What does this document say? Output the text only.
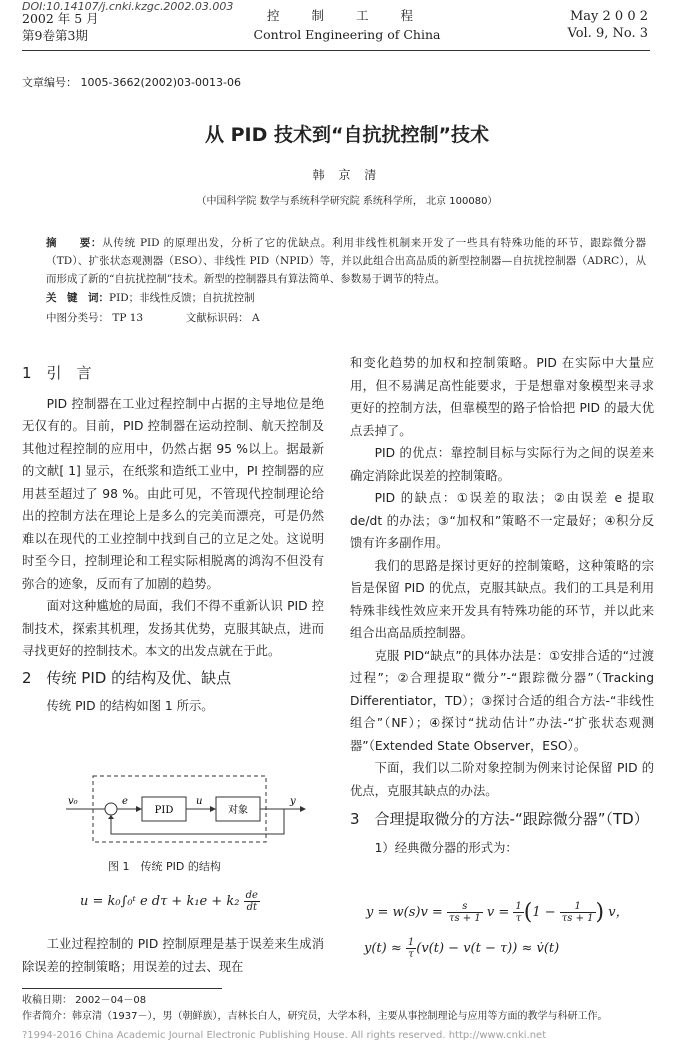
DOI:10.14107/j.cnki.kzgc.2002.03.003
2002 年 5 月
第9卷第3期
控 制 工 程
Control Engineering of China
May 2 0 0 2
Vol. 9, No. 3
文章编号： 1005-3662(2002)03-0013-06
从 PID 技术到“自抗扰控制”技术
韩 京 清
（中国科学院 数学与系统科学研究院 系统科学所， 北京 100080）
摘　　要：从传统 PID 的原理出发，分析了它的优缺点。利用非线性机制来开发了一些具有特殊功能的环节，跟踪微分器（TD）、扩张状态观测器（ESO）、非线性 PID（NPID）等，并以此组合出高品质的新型控制器—自抗扰控制器（ADRC），从而形成了新的“自抗扰控制”技术。新型的控制器具有算法简单、参数易于调节的特点。
关　键　词：PID；非线性反馈；自抗扰控制
中图分类号： TP 13	文献标识码： A
1　引　言

PID 控制器在工业过程控制中占据的主导地位是绝无仅有的。目前，PID 控制器在运动控制、航天控制及其他过程控制的应用中，仍然占据 95 %以上。据最新的文献[ 1] 显示，在纸浆和造纸工业中，PI 控制器的应用甚至超过了 98 %。由此可见，不管现代控制理论给出的控制方法在理论上是多么的完美而漂亮，可是仍然难以在现代的工业控制中找到自己的立足之处。这说明时至今日，控制理论和工程实际相脱离的鸿沟不但没有弥合的迹象，反而有了加剧的趋势。

面对这种尴尬的局面，我们不得不重新认识 PID 控制技术，探索其机理，发扬其优势，克服其缺点，进而寻找更好的控制技术。本文的出发点就在于此。

2　传统 PID 的结构及优、缺点

传统 PID 的结构如图 1 所示。

v₀	e
PID
u
对象
y
图 1　传统 PID 的结构
u = k₀∫₀ᵗ e $d\tau + k_1e + k_2 \frac{de}{dt}$

工业过程控制的 PID 控制原理是基于误差来生成消除误差的控制策略；用误差的过去、现在

和变化趋势的加权和控制策略。PID 在实际中大量应用，但不易满足高性能要求，于是想靠对象模型来寻求更好的控制方法，但靠模型的路子恰恰把 PID 的最大优点丢掉了。

PID 的优点：靠控制目标与实际行为之间的误差来确定消除此误差的控制策略。

PID 的缺点：①误差的取法；②由误差 e 提取 de/dt 的办法；③“加权和”策略不一定最好；④积分反馈有许多副作用。

我们的思路是探讨更好的控制策略，这种策略的宗旨是保留 PID 的优点，克服其缺点。我们的工具是利用特殊非线性效应来开发具有特殊功能的环节，并以此来组合出高品质控制器。

克服 PID“缺点”的具体办法是：①安排合适的“过渡过程”；②合理提取“微分”-“跟踪微分器”（Tracking Differentiator，TD）；③探讨合适的组合方法-“非线性组合”（NF）；④探讨“扰动估计”办法-“扩张状态观测器”（Extended State Observer，ESO）。

下面，我们以二阶对象控制为例来讨论保留 PID 的优点，克服其缺点的办法。

3　合理提取微分的方法-“跟踪微分器”（TD）

1）经典微分器的形式为：

$y = w(s)v = \frac{s}{\tau s + 1}$ $v = \frac{1}{\tau} (1 - \frac{1}{\tau s + 1}$ ) v，
$y(t) \approx \frac{1}{\tau} (v(t) - v(t - \tau))$ ≈ v̇(t)
收稿日期： 2002－04－08
作者简介：韩京清（1937－），男（朝鲜族），吉林长白人，研究员，大学本科，主要从事控制理论与应用等方面的教学与科研工作。
?1994-2016 China Academic Journal Electronic Publishing House. All rights reserved. http://www.cnki.net
